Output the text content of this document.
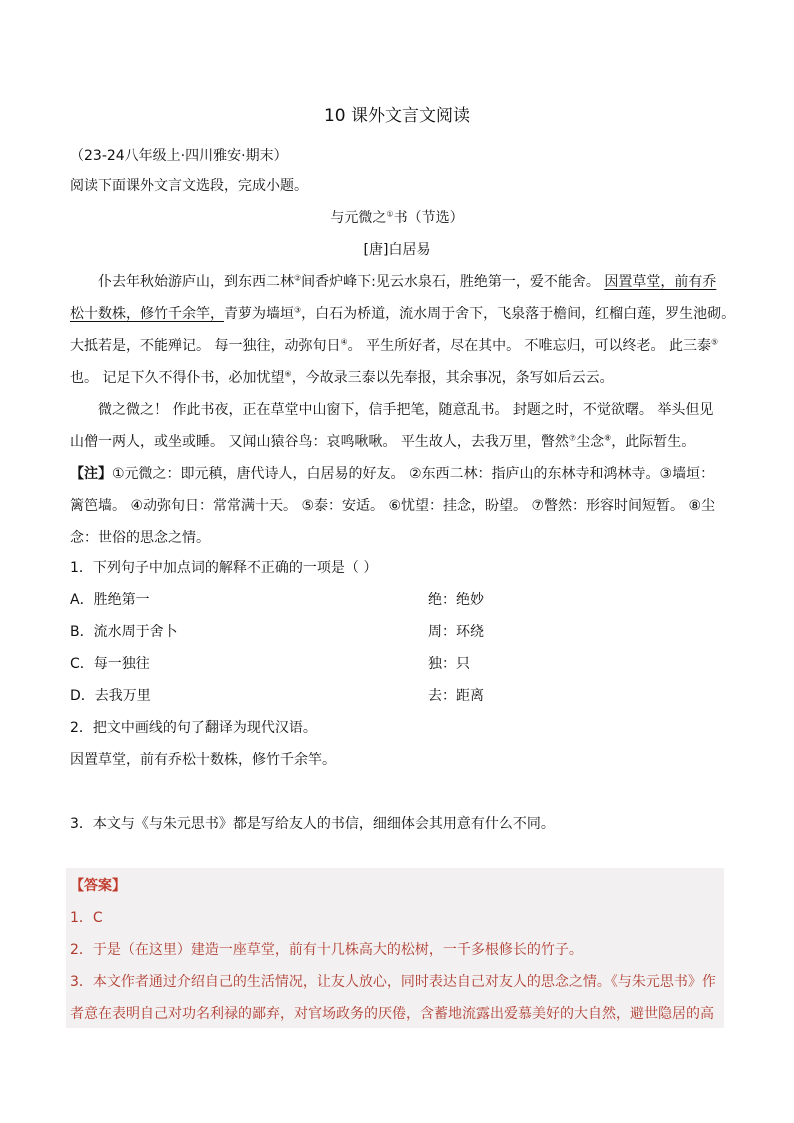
10 课外文言文阅读
（23-24八年级上·四川雅安·期末）
阅读下面课外文言文选段，完成小题。
与元微之①书（节选）
[唐]白居易
仆去年秋始游庐山，到东西二林②间香炉峰下:见云水泉石，胜绝第一，爱不能舍。 因置草堂，前有乔
松十数株，修竹千余竿，青萝为墙垣③，白石为桥道，流水周于舍下，飞泉落于檐间，红榴白莲，罗生池砌。
大抵若是，不能殚记。 每一独往，动弥旬日④。 平生所好者，尽在其中。 不唯忘归，可以终老。 此三泰⑤
也。 记足下久不得仆书，必加忧望⑥，今故录三泰以先奉报，其余事况，条写如后云云。
微之微之！ 作此书夜，正在草堂中山窗下，信手把笔，随意乱书。 封题之时，不觉欲曙。 举头但见
山僧一两人，或坐或睡。 又闻山猿谷鸟：哀鸣啾啾。 平生故人，去我万里，瞥然⑦尘念⑧，此际暂生。
【注】①元微之：即元稹，唐代诗人，白居易的好友。 ②东西二林：指庐山的东林寺和鸿林寺。③墙垣：
篱笆墙。 ④动弥旬日：常常满十天。 ⑤泰：安适。 ⑥忧望：挂念，盼望。 ⑦瞥然：形容时间短暂。 ⑧尘
念：世俗的思念之情。
1．下列句子中加点词的解释不正确的一项是（ ）
A．胜绝第一	绝：绝妙
B．流水周于舍卜	周：环绕
C．每一独往	独：只
D．去我万里	去：距离
2．把文中画线的句了翻译为现代汉语。
因置草堂，前有乔松十数株，修竹千余竿。
3．本文与《与朱元思书》都是写给友人的书信，细细体会其用意有什么不同。
【答案】
1．C
2．于是（在这里）建造一座草堂，前有十几株高大的松树，一千多根修长的竹子。
3．本文作者通过介绍自己的生活情况，让友人放心，同时表达自己对友人的思念之情。《与朱元思书》作
者意在表明自己对功名利禄的鄙弃，对官场政务的厌倦，含蓄地流露出爱慕美好的大自然，避世隐居的高
